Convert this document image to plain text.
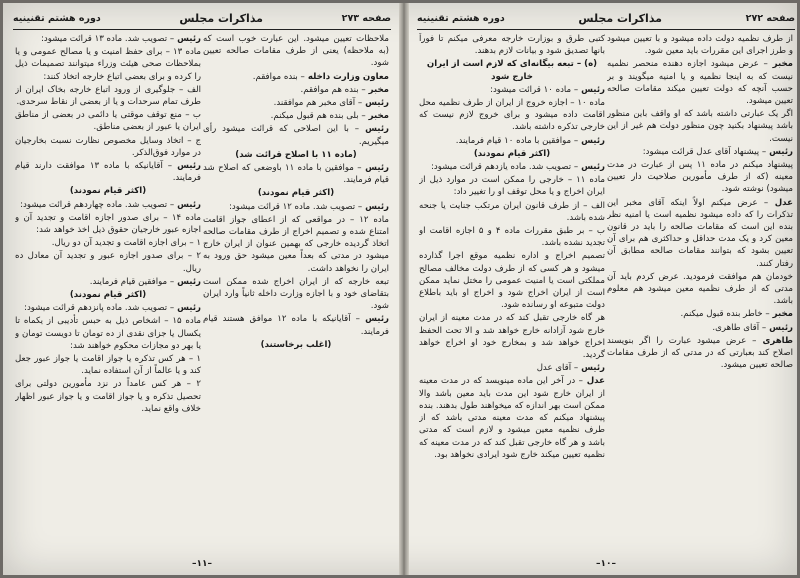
صفحه ۲۷۳
مذاکرات مجلس
دوره هشتم تقنینیه

رئیس – تصویب شد. ماده ۱۳ قرائت میشود:

ماده ۱۳ – برای حفظ امنیت و یا مصالح عمومی و یا بملاحظات صحی هیئت وزراء میتوانند تصمیمات ذیل را کرده و برای بعضی اتباع خارجه اتخاذ کنند:

الف – جلوگیری از ورود اتباع خارجه بخاک ایران از طرف تمام سرحدات و یا از بعضی از نقاط سرحدی.

ب – منع توقف موقتی یا دائمی در بعضی از مناطق ایران یا عبور از بعضی مناطق.

ج – اتخاذ وسایل مخصوص نظارت نسبت بخارجیان در موارد فوق‌الذکر.

رئیس – آقایانیکه با ماده ۱۳ موافقت دارند قیام فرمایند.

(اکثر قیام نمودند)

رئیس – تصویب شد. ماده چهاردهم قرائت میشود:

ماده ۱۴ – برای صدور اجازه اقامت و تجدید آن و اجازه عبور خارجیان حقوق ذیل اخذ خواهد شد:

۱ – برای اجازه اقامت و تجدید آن دو ریال.

۲ – برای صدور اجازه عبور و تجدید آن معادل ده ریال.

رئیس – موافقین قیام فرمایند.

(اکثر قیام نمودند)

رئیس – تصویب شد. ماده پانزدهم قرائت میشود:

ماده ۱۵ – اشخاص ذیل به حبس تأدیبی از یکماه تا یکسال یا جزای نقدی از ده تومان تا دویست تومان و یا بهر دو مجازات محکوم خواهند شد:

۱ – هر کس تذکره یا جواز اقامت یا جواز عبور جعل کند و یا عالماً از آن استفاده نماید.

۲ – هر کس عامداً در نزد مأمورین دولتی برای تحصیل تذکره و یا جواز اقامت و یا جواز عبور اظهار خلاف واقع نماید.

ملاحظات تعیین میشود. این عبارت خوب است که (به ملاحظه) یعنی از طرف مقامات صالحه تعیین شود.

معاون وزارت داخله – بنده موافقم.

مخبر – بنده هم موافقم.

رئیس – آقای مخبر هم موافقند.

مخبر – بلی بنده هم قبول میکنم.

رئیس – با این اصلاحی که قرائت میشود رأی میگیریم.

(ماده ۱۱ با اصلاح قرائت شد)

رئیس – موافقین با ماده ۱۱ باوضعی که اصلاح شد قیام فرمایند.

(اکثر قیام نمودند)

رئیس – تصویب شد. ماده ۱۲ قرائت میشود:

ماده ۱۲ – در مواقعی که از اعطای جواز اقامت امتناع شده و تصمیم اخراج از طرف مقامات صالحه اتخاذ گردیده خارجی که بهمین عنوان از ایران خارج میشود در مدتی که بعداً معین میشود حق ورود به ایران را نخواهد داشت.

تبعه خارجه که از ایران اخراج شده ممکن است بتقاضای خود و با اجازه وزارت داخله ثانیاً وارد ایران شود.

رئیس – آقایانیکه با ماده ۱۲ موافق هستند قیام فرمایند.

(اغلب برخاستند)

–۱۱–
صفحه ۲۷۲
مذاکرات مجلس
دوره هشتم تقنینیه

کتبی طرق و بوزارت خارجه معرفی میکنم تا فوراً بانها تصدیق شود و بیانات لازم بدهند.

(ه) – تبعه بیگانه‌ای که لازم است از ایران خارج شود

رئیس – ماده ۱۰ قرائت میشود:

ماده ۱۰ – اجازه خروج از ایران از طرف نظمیه محل اقامت داده میشود و برای خروج لازم نیست که خارجی تذکره داشته باشد.

رئیس – موافقین با ماده ۱۰ قیام فرمایند.

(اکثر قیام نمودند)

رئیس – تصویب شد. ماده یازدهم قرائت میشود:

ماده ۱۱ – خارجی را ممکن است در موارد ذیل از ایران اخراج و یا محل توقف او را تغییر داد:

الف – از طرف قانون ایران مرتکب جنایت یا جنحه شده باشد.

ب – بر طبق مقررات ماده ۴ و ۵ اجازه اقامت او تجدید نشده باشد.

تصمیم اخراج و اداره نظمیه موقع اجرا گذارده میشود و هر کسی که از طرف دولت مخالف مصالح مملکتی است یا امنیت عمومی را مختل نماید ممکن است از ایران اخراج شود و اخراج او باید باطلاع دولت متبوعه او رسانده شود.

هر گاه خارجی تقبل کند که در مدت معینه از ایران خارج شود آزادانه خارج خواهد شد و الا تحت الحفظ اخراج خواهد شد و بمخارج خود او اخراج خواهد گردید.

رئیس – آقای عدل

عدل – در آخر این ماده مینویسد که در مدت معینه از ایران خارج شود این مدت باید معین باشد والا ممکن است بهر اندازه که میخواهند طول بدهند. بنده پیشنهاد میکنم که مدت معینه مدتی باشد که از طرف نظمیه معین میشود و لازم است که مدتی باشد و هر گاه خارجی تقبل کند که در مدت معینه که نظمیه تعیین میکند خارج شود ایرادی نخواهد بود.

از طرف نظمیه دولت داده میشود و با تعیین میشود و طرز اجرای این مقررات باید معین شود.

مخبر – عرض میشود اجازه دهنده منحصر نظمیه نیست که به اینجا نظمیه و یا امنیه میگویند و بر حسب آنچه که دولت تعیین میکند مقامات صالحه تعیین میشود.

اگر یک عبارتی داشته باشد که او واقف باین منظور باشد پیشنهاد بکنید چون منظور دولت هم غیر از این نیست.

رئیس – پیشنهاد آقای عدل قرائت میشود:

پیشنهاد میکنم در ماده ۱۱ پس از عبارت در مدت معینه (که از طرف مأمورین صلاحیت دار تعیین میشود) نوشته شود.

عدل – عرض میکنم اولاً اینکه آقای مخبر این تذکرات را که داده میشود نظمیه است یا امنیه نظر بنده این است که مقامات صالحه را باید در قانون معین کرد و یک مدت حداقل و حداکثری هم برای آن تعیین بشود که بتوانند مقامات صالحه مطابق آن رفتار کنند.

خودمان هم موافقت فرمودید. عرض کردم باید آن مدتی که از طرف نظمیه معین میشود هم معلوم باشد.

مخبر – خاطر بنده قبول میکنم.

رئیس – آقای طاهری.

طاهری – عرض میشود عبارت را اگر بنویسند اصلاح کند بعبارتی که در مدتی که از طرف مقامات صالحه تعیین میشود.

–۱۰–
